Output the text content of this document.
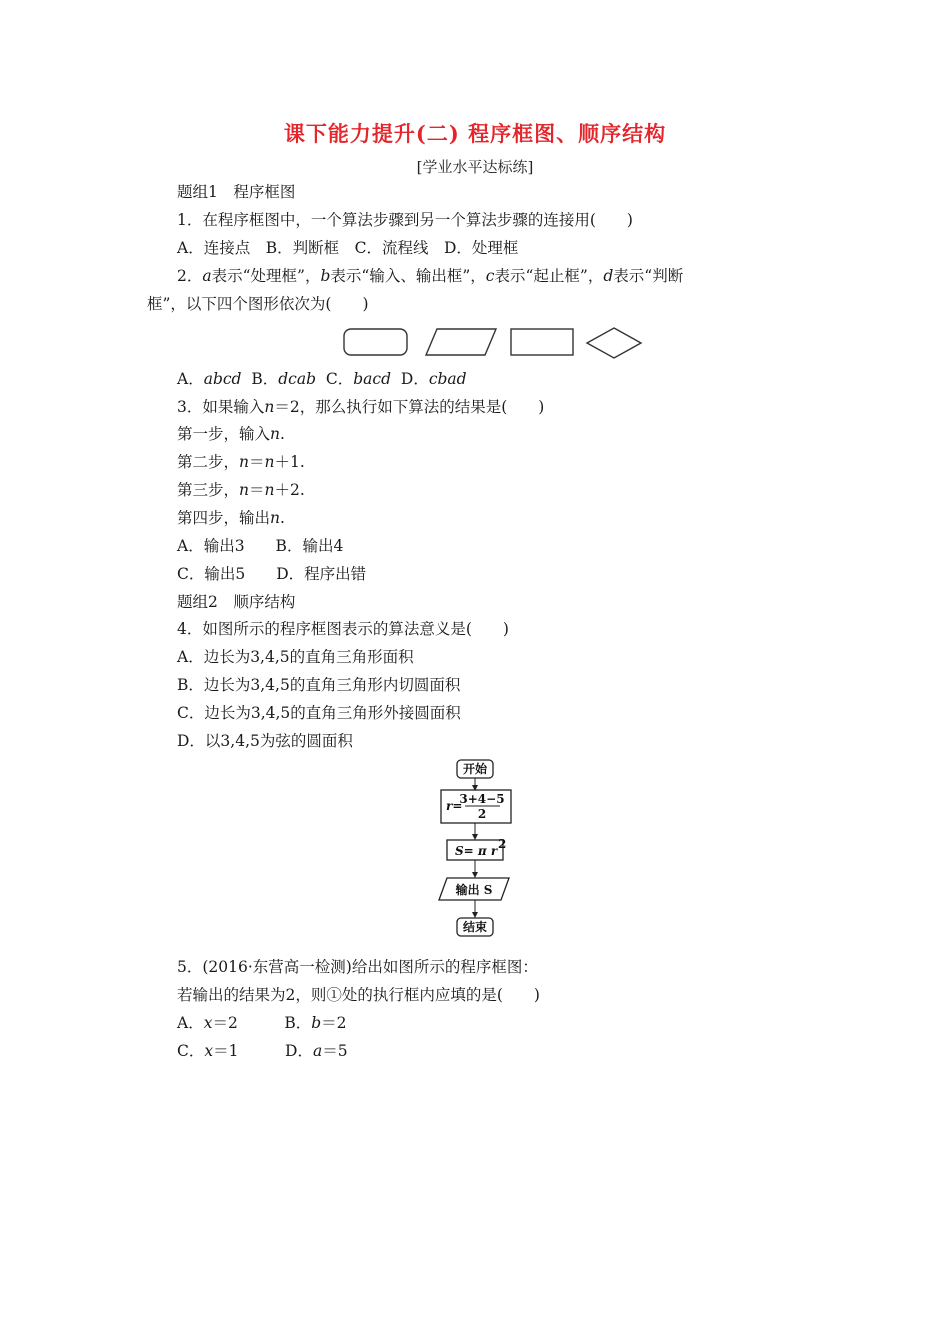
课下能力提升(二) 程序框图、顺序结构
[学业水平达标练]
题组1　程序框图
1．在程序框图中，一个算法步骤到另一个算法步骤的连接用(　　)
A．连接点　B．判断框　C．流程线　D．处理框
2．a表示“处理框”，b表示“输入、输出框”，c表示“起止框”，d表示“判断
框”，以下四个图形依次为(　　)
A．abcd B．dcab C．bacd D．cbad
3．如果输入n＝2，那么执行如下算法的结果是(　　)
第一步，输入n.
第二步，n＝n＋1.
第三步，n＝n＋2.
第四步，输出n.
A．输出3　　B．输出4
C．输出5　　D．程序出错
题组2　顺序结构
4．如图所示的程序框图表示的算法意义是(　　)
A．边长为3,4,5的直角三角形面积
B．边长为3,4,5的直角三角形内切圆面积
C．边长为3,4,5的直角三角形外接圆面积
D．以3,4,5为弦的圆面积
开始
r=
3+4−5
2
S= π r 2
输出 S
结束
5．(2016·东营高一检测)给出如图所示的程序框图：
若输出的结果为2，则①处的执行框内应填的是(　　)
A．x＝2　　　	B．b＝2
C．x＝1　　　	D．a＝5
